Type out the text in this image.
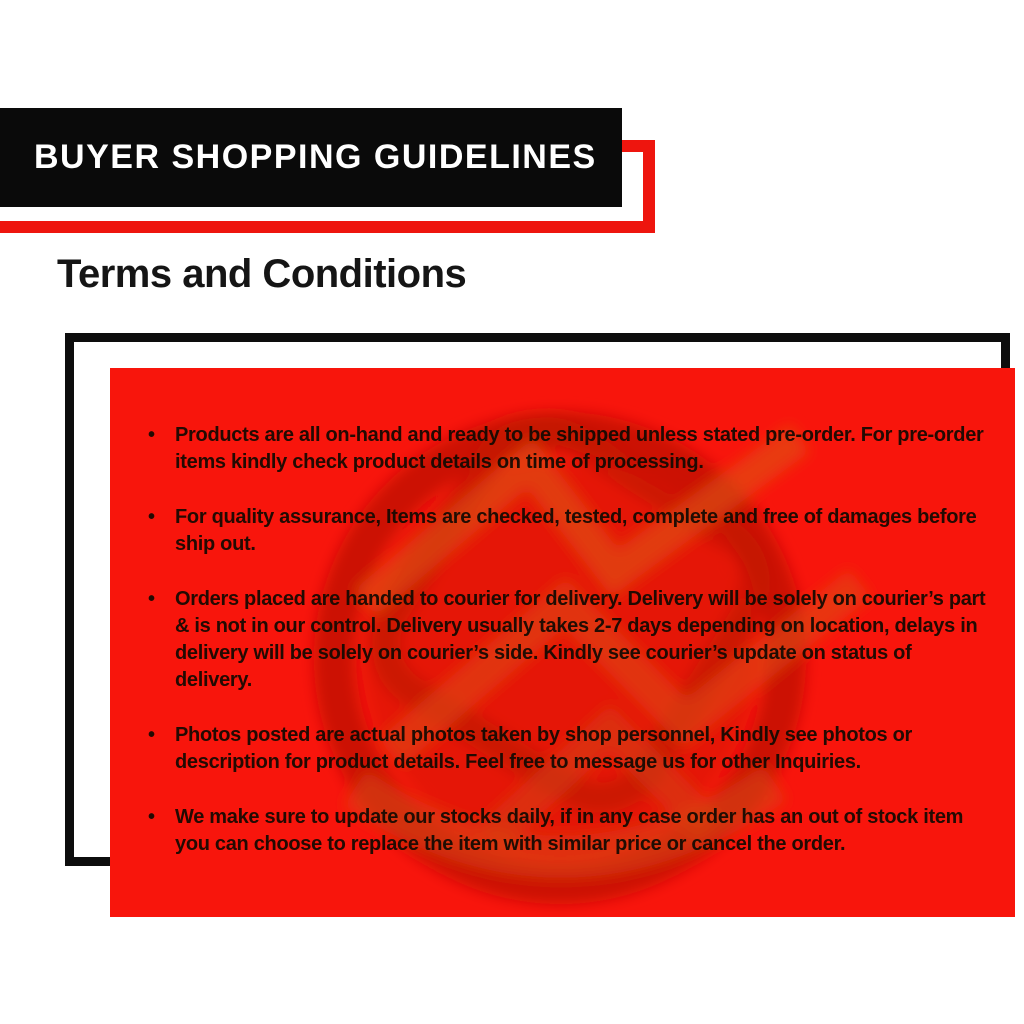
BUYER SHOPPING GUIDELINES
Terms and Conditions
• Products are all on-hand and ready to be shipped unless stated pre-order. For pre-order items kindly check product details on time of processing.
• For quality assurance, Items are checked, tested, complete and free of damages before ship out.
• Orders placed are handed to courier for delivery. Delivery will be solely on courier’s part & is not in our control. Delivery usually takes 2-7 days depending on location, delays in delivery will be solely on courier’s side. Kindly see courier’s update on status of delivery.
• Photos posted are actual photos taken by shop personnel, Kindly see photos or description for product details. Feel free to message us for other Inquiries.
• We make sure to update our stocks daily, if in any case order has an out of stock item you can choose to replace the item with similar price or cancel the order.
